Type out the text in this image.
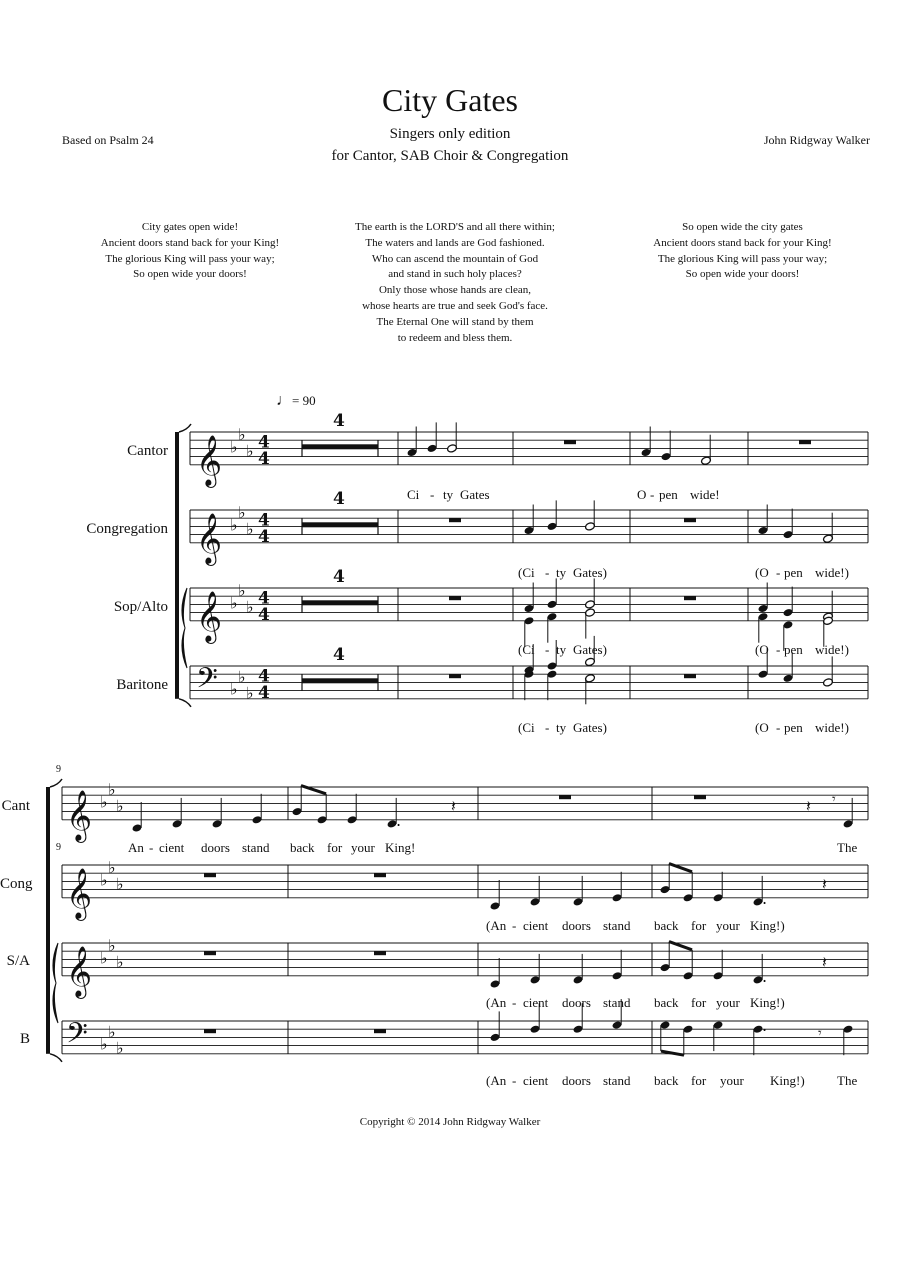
City Gates
Singers only edition
for Cantor, SAB Choir & Congregation
Based on Psalm 24	John Ridgway Walker
City gates open wide!
Ancient doors stand back for your King!
The glorious King will pass your way;
So open wide your doors!
The earth is the LORD'S and all there within;
The waters and lands are God fashioned.
Who can ascend the mountain of God
and stand in such holy places?
Only those whose hands are clean,
whose hearts are true and seek God's face.
The Eternal One will stand by them
to redeem and bless them.
So open wide the city gates
Ancient doors stand back for your King!
The glorious King will pass your way;
So open wide your doors!
♩= 90
Cantor
Congregation
Sop/Alto
Baritone
Cant
Cong
S/A
B
𝄞 ♭
♭
♭ 4
4
𝄞 ♭
♭
♭ 4
4
𝄞 ♭
♭
♭ 4
4
𝄢 ♭
♭
♭
4
4
𝄞 ♭
♭
♭
𝄞 ♭
♭
♭
𝄞 ♭
♭
♭
𝄢 ♭
♭
♭
.
𝄽	𝄽 𝄾
.
𝄽
.
𝄽
.	𝄾
4
4
4
4
9
9
Ci - ty Gates	O - pen wide!
(Ci - ty Gates)	(O - pen wide!)
(Ci - ty Gates)	(O - pen wide!)
(Ci - ty Gates)	(O - pen wide!)
An - cient doors stand back for your King!	The
(An - cient doors stand back for your King!)
(An - cient doors stand back for your King!)
(An - cient doors stand back for your King!) The
Copyright © 2014 John Ridgway Walker
